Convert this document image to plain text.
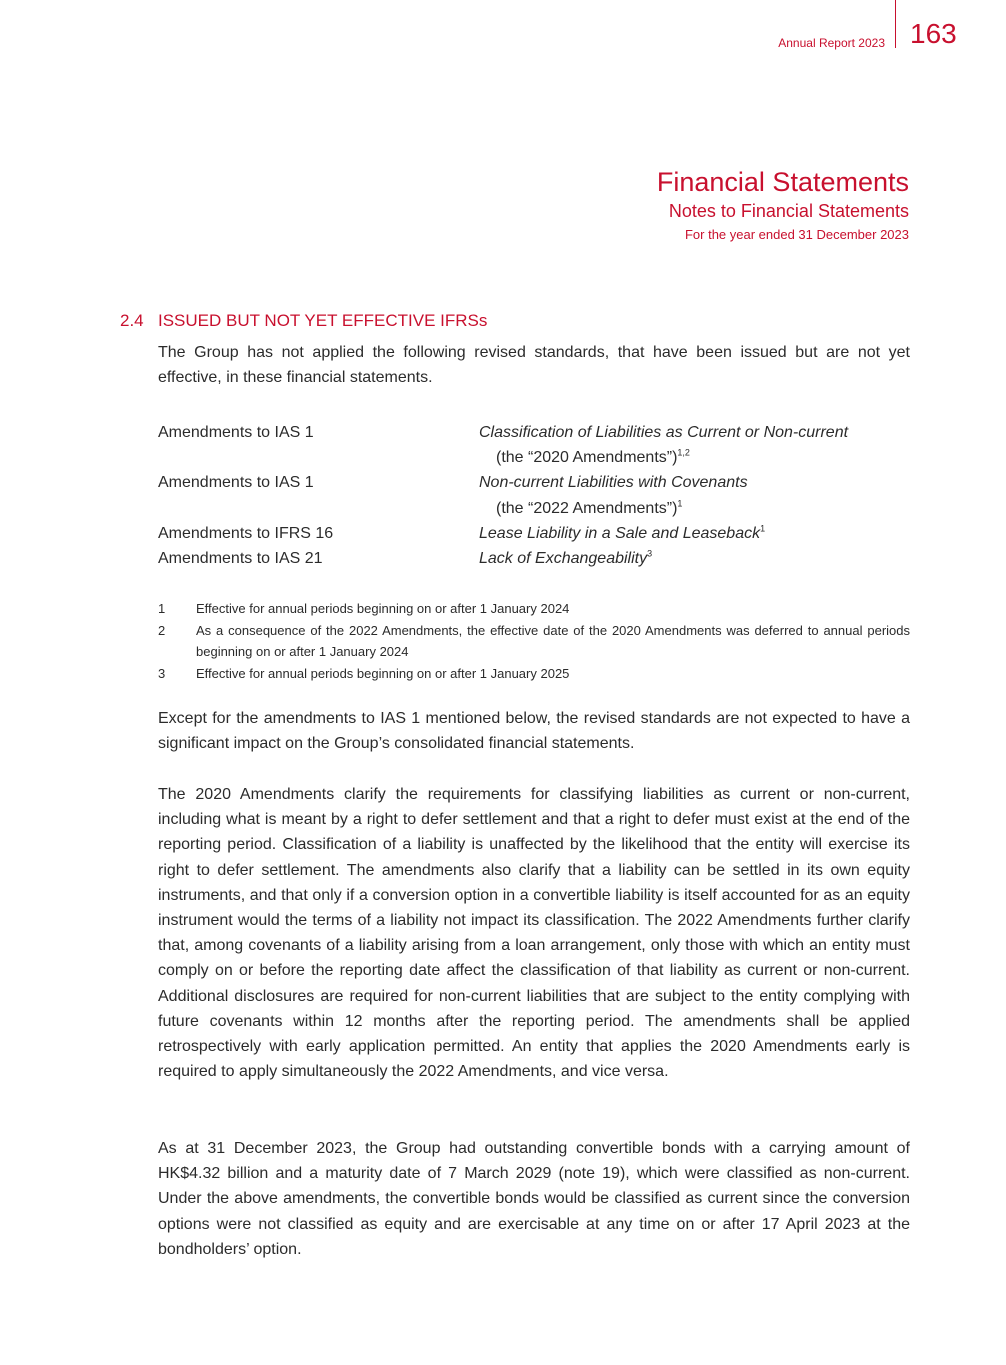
Annual Report 2023 163
Financial Statements
Notes to Financial Statements
For the year ended 31 December 2023
2.4 ISSUED BUT NOT YET EFFECTIVE IFRSs
The Group has not applied the following revised standards, that have been issued but are not yet effective, in these financial statements.
Amendments to IAS 1	Classification of Liabilities as Current or Non-current
(the “2020 Amendments”)$^{1,2}$
Amendments to IAS 1	Non-current Liabilities with Covenants
(the “2022 Amendments”)$^1$
Amendments to IFRS 16	Lease Liability in a Sale and Leaseback$^1$
Amendments to IAS 21	Lack of Exchangeability$^3$
1	Effective for annual periods beginning on or after 1 January 2024
2	As a consequence of the 2022 Amendments, the effective date of the 2020 Amendments was deferred to annual periods beginning on or after 1 January 2024
3	Effective for annual periods beginning on or after 1 January 2025
Except for the amendments to IAS 1 mentioned below, the revised standards are not expected to have a significant impact on the Group’s consolidated financial statements.
The 2020 Amendments clarify the requirements for classifying liabilities as current or non-current, including what is meant by a right to defer settlement and that a right to defer must exist at the end of the reporting period. Classification of a liability is unaffected by the likelihood that the entity will exercise its right to defer settlement. The amendments also clarify that a liability can be settled in its own equity instruments, and that only if a conversion option in a convertible liability is itself accounted for as an equity instrument would the terms of a liability not impact its classification. The 2022 Amendments further clarify that, among covenants of a liability arising from a loan arrangement, only those with which an entity must comply on or before the reporting date affect the classification of that liability as current or non-current. Additional disclosures are required for non-current liabilities that are subject to the entity complying with future covenants within 12 months after the reporting period. The amendments shall be applied retrospectively with early application permitted. An entity that applies the 2020 Amendments early is required to apply simultaneously the 2022 Amendments, and vice versa.
As at 31 December 2023, the Group had outstanding convertible bonds with a carrying amount of HK$4.32 billion and a maturity date of 7 March 2029 (note 19), which were classified as non-current. Under the above amendments, the convertible bonds would be classified as current since the conversion options were not classified as equity and are exercisable at any time on or after 17 April 2023 at the bondholders’ option.
